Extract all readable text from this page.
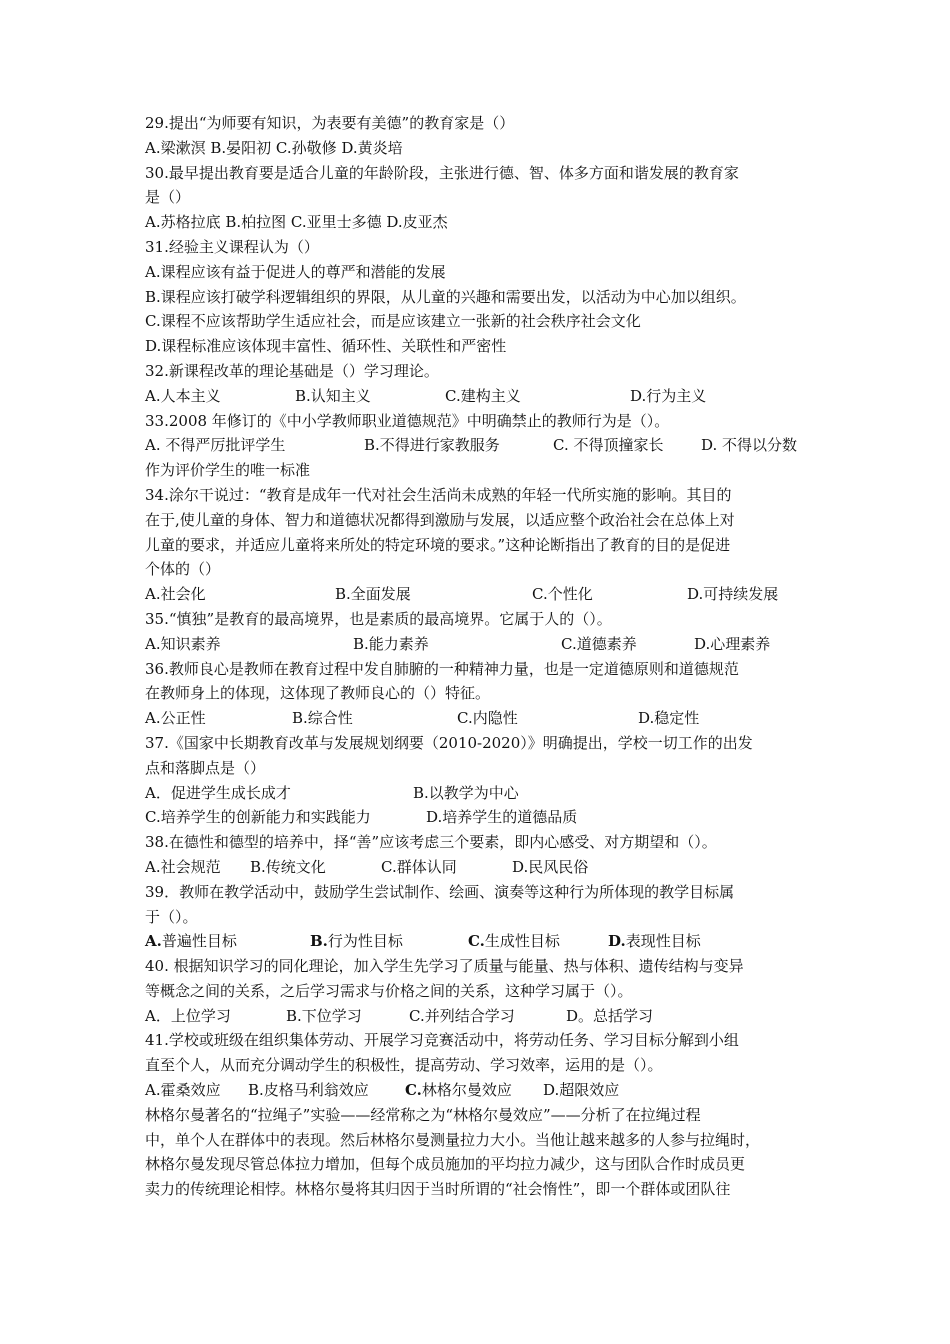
29.提出“为师要有知识，为表要有美德”的教育家是（）
A.梁漱溟 B.晏阳初 C.孙敬修 D.黄炎培
30.最早提出教育要是适合儿童的年龄阶段，主张进行德、智、体多方面和谐发展的教育家
是（）
A.苏格拉底 B.柏拉图 C.亚里士多德 D.皮亚杰
31.经验主义课程认为（）
A.课程应该有益于促进人的尊严和潜能的发展
B.课程应该打破学科逻辑组织的界限，从儿童的兴趣和需要出发，以活动为中心加以组织。
C.课程不应该帮助学生适应社会，而是应该建立一张新的社会秩序社会文化
D.课程标准应该体现丰富性、循环性、关联性和严密性
32.新课程改革的理论基础是（）学习理论。
A.人本主义	B.认知主义	C.建构主义	D.行为主义
33.2008 年修订的《中小学教师职业道德规范》中明确禁止的教师行为是（）。
A. 不得严厉批评学生	B.不得进行家教服务	C. 不得顶撞家长	D. 不得以分数
作为评价学生的唯一标准
34.涂尔干说过：“教育是成年一代对社会生活尚未成熟的年轻一代所实施的影响。其目的
在于,使儿童的身体、智力和道德状况都得到激励与发展，以适应整个政治社会在总体上对
儿童的要求，并适应儿童将来所处的特定环境的要求。”这种论断指出了教育的目的是促进
个体的（）
A.社会化	B.全面发展	C.个性化	D.可持续发展
35.“慎独”是教育的最高境界，也是素质的最高境界。它属于人的（）。
A.知识素养	B.能力素养	C.道德素养	D.心理素养
36.教师良心是教师在教育过程中发自肺腑的一种精神力量，也是一定道德原则和道德规范
在教师身上的体现，这体现了教师良心的（）特征。
A.公正性	B.综合性	C.内隐性	D.稳定性
37.《国家中长期教育改革与发展规划纲要（2010-2020）》明确提出，学校一切工作的出发
点和落脚点是（）
A．促进学生成长成才	B.以教学为中心
C.培养学生的创新能力和实践能力	D.培养学生的道德品质
38.在德性和德型的培养中，择“善”应该考虑三个要素，即内心感受、对方期望和（）。
A.社会规范	B.传统文化	C.群体认同	D.民风民俗
39．教师在教学活动中，鼓励学生尝试制作、绘画、演奏等这种行为所体现的教学目标属
于（）。
A.普遍性目标	B.行为性目标	C.生成性目标	D.表现性目标
40. 根据知识学习的同化理论，加入学生先学习了质量与能量、热与体积、遗传结构与变异
等概念之间的关系，之后学习需求与价格之间的关系，这种学习属于（）。
A．上位学习	B.下位学习	C.并列结合学习	D。总括学习
41.学校或班级在组织集体劳动、开展学习竞赛活动中，将劳动任务、学习目标分解到小组
直至个人，从而充分调动学生的积极性，提高劳动、学习效率，运用的是（）。
A.霍桑效应	B.皮格马利翁效应	C.林格尔曼效应	D.超限效应
林格尔曼著名的“拉绳子”实验——经常称之为“林格尔曼效应”——分析了在拉绳过程
中，单个人在群体中的表现。然后林格尔曼测量拉力大小。当他让越来越多的人参与拉绳时，
林格尔曼发现尽管总体拉力增加，但每个成员施加的平均拉力减少，这与团队合作时成员更
卖力的传统理论相悖。林格尔曼将其归因于当时所谓的“社会惰性”，即一个群体或团队往
